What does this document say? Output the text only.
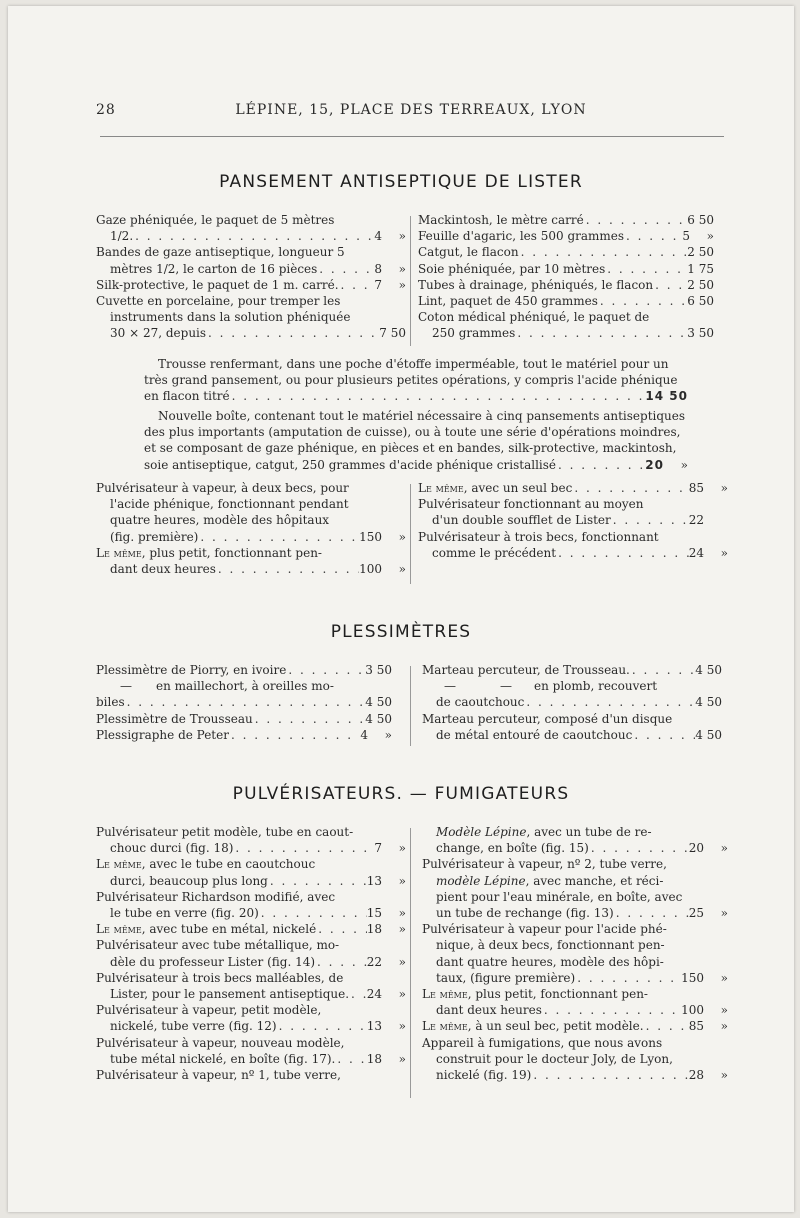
28	LÉPINE, 15, PLACE DES TERREAUX, LYON
PANSEMENT ANTISEPTIQUE DE LISTER
Gaze phéniquée, le paquet de 5 mètres
1/2. . . .	4 »
Bandes de gaze antiseptique, longueur 5
mètres 1/2, le carton de 16 pièces . . .	8 »
Silk-protective, le paquet de 1 m. carré. . . .	7 »
Cuvette en porcelaine, pour tremper les
instruments dans la solution phéniquée
30 × 27, depuis . . .	7 50
Mackintosh, le mètre carré . . .	6 50
Feuille d'agaric, les 500 grammes . . .	5 »
Catgut, le flacon . . .	2 50
Soie phéniquée, par 10 mètres . . .	1 75
Tubes à drainage, phéniqués, le flacon . . .	2 50
Lint, paquet de 450 grammes . . .	6 50
Coton médical phéniqué, le paquet de
250 grammes . . .	3 50
Trousse renfermant, dans une poche d'étoffe imperméable, tout le matériel pour un
très grand pansement, ou pour plusieurs petites opérations, y compris l'acide phénique
en flacon titré . . .	14 50
Nouvelle boîte, contenant tout le matériel nécessaire à cinq pansements antiseptiques
des plus importants (amputation de cuisse), ou à toute une série d'opérations moindres,
et se composant de gaze phénique, en pièces et en bandes, silk-protective, mackintosh,
soie antiseptique, catgut, 250 grammes d'acide phénique cristallisé . . .	20 »
Pulvérisateur à vapeur, à deux becs, pour
l'acide phénique, fonctionnant pendant
quatre heures, modèle des hôpitaux
(fig. première) . . .	150 »
Le même, plus petit, fonctionnant pen-
dant deux heures . . .	100 »
Le même, avec un seul bec . . .	85 »
Pulvérisateur fonctionnant au moyen
d'un double soufflet de Lister . . .	22
Pulvérisateur à trois becs, fonctionnant
comme le précédent . . .	24 »
PLESSIMÈTRES
Plessimètre de Piorry, en ivoire . . .	3 50
— en maillechort, à oreilles mo-
biles . . .	4 50
Plessimètre de Trousseau . . .	4 50
Plessigraphe de Peter . . .	4 »
Marteau percuteur, de Trousseau. . . .	4 50
—	— en plomb, recouvert
de caoutchouc . . .	4 50
Marteau percuteur, composé d'un disque
de métal entouré de caoutchouc . . .	4 50
PULVÉRISATEURS. — FUMIGATEURS
Pulvérisateur petit modèle, tube en caout-
chouc durci (fig. 18) . . .	7 »
Le même, avec le tube en caoutchouc
durci, beaucoup plus long . . .	13 »
Pulvérisateur Richardson modifié, avec
le tube en verre (fig. 20) . . .	15 »
Le même, avec tube en métal, nickelé . . .	18 »
Pulvérisateur avec tube métallique, mo-
dèle du professeur Lister (fig. 14) . . .	22 »
Pulvérisateur à trois becs malléables, de
Lister, pour le pansement antiseptique. . . . 24 »
Pulvérisateur à vapeur, petit modèle,
nickelé, tube verre (fig. 12) . . .	13 »
Pulvérisateur à vapeur, nouveau modèle,
tube métal nickelé, en boîte (fig. 17). . . .	18 »
Pulvérisateur à vapeur, nº 1, tube verre,
Modèle Lépine, avec un tube de re-
change, en boîte (fig. 15) . . .	20 »
Pulvérisateur à vapeur, nº 2, tube verre,
modèle Lépine, avec manche, et réci-
pient pour l'eau minérale, en boîte, avec
un tube de rechange (fig. 13) . . .	25 »
Pulvérisateur à vapeur pour l'acide phé-
nique, à deux becs, fonctionnant pen-
dant quatre heures, modèle des hôpi-
taux, (figure première) . . .	150 »
Le même, plus petit, fonctionnant pen-
dant deux heures . . .	100 »
Le même, à un seul bec, petit modèle. . . .	85 »
Appareil à fumigations, que nous avons
construit pour le docteur Joly, de Lyon,
nickelé (fig. 19) . . .	28 »
